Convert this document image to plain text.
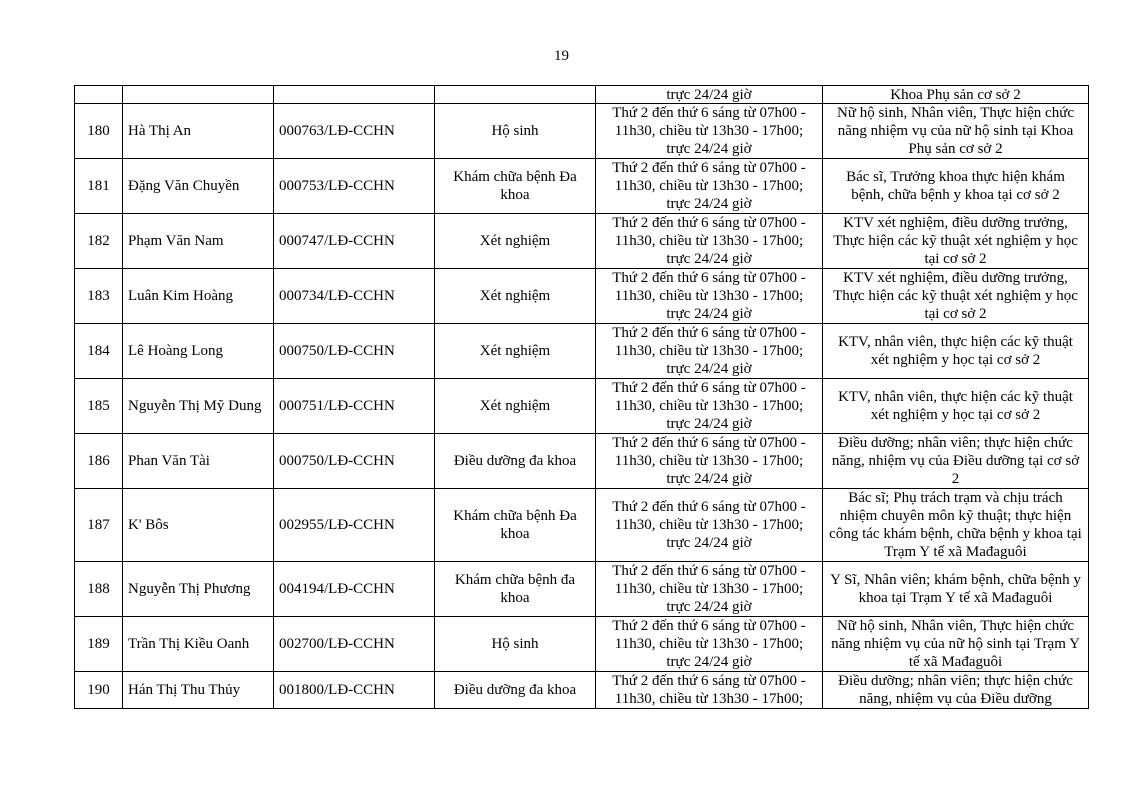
19
				trực 24/24 giờ	Khoa Phụ sản cơ sở 2
180	Hà Thị An	000763/LĐ-CCHN	Hộ sinh	Thứ 2 đến thứ 6 sáng từ 07h00 - 11h30, chiều từ 13h30 - 17h00; trực 24/24 giờ	Nữ hộ sinh, Nhân viên, Thực hiện chức năng nhiệm vụ của nữ hộ sinh tại Khoa Phụ sản cơ sở 2
181	Đặng Văn Chuyền	000753/LĐ-CCHN	Khám chữa bệnh Đa khoa	Thứ 2 đến thứ 6 sáng từ 07h00 - 11h30, chiều từ 13h30 - 17h00; trực 24/24 giờ	Bác sĩ, Trưởng khoa thực hiện khám bệnh, chữa bệnh y khoa tại cơ sở 2
182	Phạm Văn Nam	000747/LĐ-CCHN	Xét nghiệm	Thứ 2 đến thứ 6 sáng từ 07h00 - 11h30, chiều từ 13h30 - 17h00; trực 24/24 giờ	KTV xét nghiệm, điều dưỡng trưởng, Thực hiện các kỹ thuật xét nghiệm y học tại cơ sở 2
183	Luân Kim Hoàng	000734/LĐ-CCHN	Xét nghiệm	Thứ 2 đến thứ 6 sáng từ 07h00 - 11h30, chiều từ 13h30 - 17h00; trực 24/24 giờ	KTV xét nghiệm, điều dưỡng trưởng, Thực hiện các kỹ thuật xét nghiệm y học tại cơ sở 2
184	Lê Hoàng Long	000750/LĐ-CCHN	Xét nghiệm	Thứ 2 đến thứ 6 sáng từ 07h00 - 11h30, chiều từ 13h30 - 17h00; trực 24/24 giờ	KTV, nhân viên, thực hiện các kỹ thuật xét nghiệm y học tại cơ sở 2
185	Nguyễn Thị Mỹ Dung	000751/LĐ-CCHN	Xét nghiệm	Thứ 2 đến thứ 6 sáng từ 07h00 - 11h30, chiều từ 13h30 - 17h00; trực 24/24 giờ	KTV, nhân viên, thực hiện các kỹ thuật xét nghiệm y học tại cơ sở 2
186	Phan Văn Tài	000750/LĐ-CCHN	Điều dưỡng đa khoa	Thứ 2 đến thứ 6 sáng từ 07h00 - 11h30, chiều từ 13h30 - 17h00; trực 24/24 giờ	Điều dưỡng; nhân viên; thực hiện chức năng, nhiệm vụ của Điều dưỡng tại cơ sở 2
187	K' Bôs	002955/LĐ-CCHN	Khám chữa bệnh Đa khoa	Thứ 2 đến thứ 6 sáng từ 07h00 - 11h30, chiều từ 13h30 - 17h00; trực 24/24 giờ	Bác sĩ; Phụ trách trạm và chịu trách nhiệm chuyên môn kỹ thuật; thực hiện công tác khám bệnh, chữa bệnh y khoa tại Trạm Y tế xã Mađaguôi
188	Nguyễn Thị Phương	004194/LĐ-CCHN	Khám chữa bệnh đa khoa	Thứ 2 đến thứ 6 sáng từ 07h00 - 11h30, chiều từ 13h30 - 17h00; trực 24/24 giờ	Y Sĩ, Nhân viên; khám bệnh, chữa bệnh y khoa tại Trạm Y tế xã Mađaguôi
189	Trần Thị Kiều Oanh	002700/LĐ-CCHN	Hộ sinh	Thứ 2 đến thứ 6 sáng từ 07h00 - 11h30, chiều từ 13h30 - 17h00; trực 24/24 giờ	Nữ hộ sinh, Nhân viên, Thực hiện chức năng nhiệm vụ của nữ hộ sinh tại Trạm Y tế xã Mađaguôi
190	Hán Thị Thu Thủy	001800/LĐ-CCHN	Điều dưỡng đa khoa	Thứ 2 đến thứ 6 sáng từ 07h00 - 11h30, chiều từ 13h30 - 17h00;	Điều dưỡng; nhân viên; thực hiện chức năng, nhiệm vụ của Điều dưỡng
